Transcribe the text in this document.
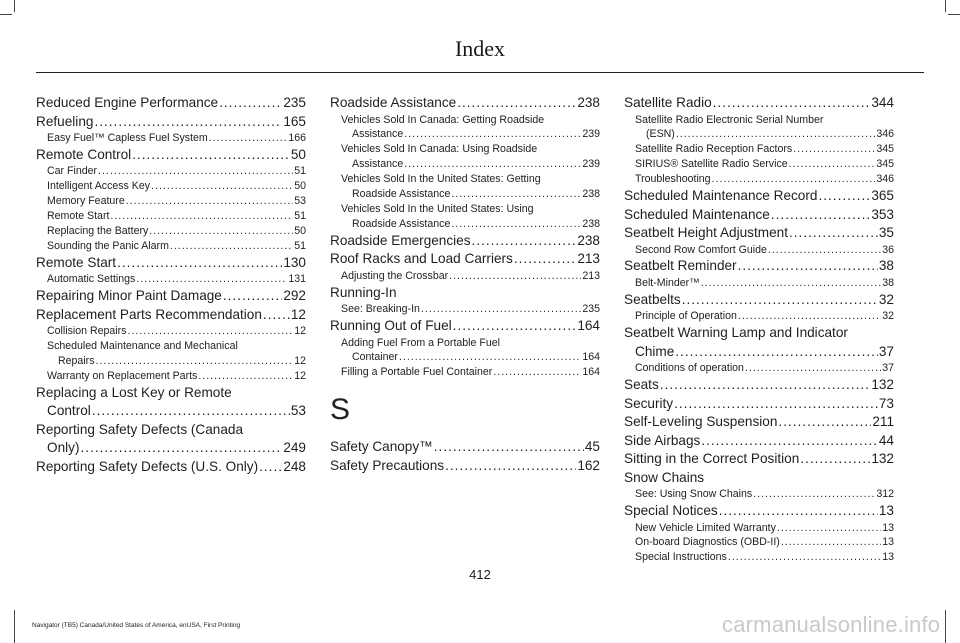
Index
Reduced Engine Performance .....	235
Refueling .....	165
Easy Fuel™ Capless Fuel System .....	166
Remote Control .....	50
Car Finder .....	51
Intelligent Access Key .....	50
Memory Feature .....	53
Remote Start .....	51
Replacing the Battery .....	50
Sounding the Panic Alarm .....	51
Remote Start .....	130
Automatic Settings .....	131
Repairing Minor Paint Damage .....	292
Replacement Parts Recommendation ..... 12
Collision Repairs .....	12
Scheduled Maintenance and Mechanical
Repairs .....	12
Warranty on Replacement Parts .....	12
Replacing a Lost Key or Remote
Control .....	53
Reporting Safety Defects (Canada
Only) .....	249
Reporting Safety Defects (U.S. Only) ..... 248
Roadside Assistance .....	238
Vehicles Sold In Canada: Getting Roadside
Assistance .....	239
Vehicles Sold In Canada: Using Roadside
Assistance .....	239
Vehicles Sold In the United States: Getting
Roadside Assistance .....	238
Vehicles Sold In the United States: Using
Roadside Assistance .....	238
Roadside Emergencies .....	238
Roof Racks and Load Carriers .....	213
Adjusting the Crossbar .....	213
Running-In
See: Breaking-In .....	235
Running Out of Fuel .....	164
Adding Fuel From a Portable Fuel
Container .....	164
Filling a Portable Fuel Container .....	164
S
Safety Canopy™ .....	45
Safety Precautions .....	162
Satellite Radio .....	344
Satellite Radio Electronic Serial Number
(ESN) .....	346
Satellite Radio Reception Factors .....	345
SIRIUS® Satellite Radio Service .....	345
Troubleshooting .....	346
Scheduled Maintenance Record .....	365
Scheduled Maintenance .....	353
Seatbelt Height Adjustment .....	35
Second Row Comfort Guide .....	36
Seatbelt Reminder .....	38
Belt-Minder™ .....	38
Seatbelts .....	32
Principle of Operation .....	32
Seatbelt Warning Lamp and Indicator
Chime .....	37
Conditions of operation .....	37
Seats .....	132
Security .....	73
Self-Leveling Suspension .....	211
Side Airbags .....	44
Sitting in the Correct Position .....	132
Snow Chains
See: Using Snow Chains .....	312
Special Notices .....	13
New Vehicle Limited Warranty .....	13
On-board Diagnostics (OBD-II) .....	13
Special Instructions .....	13
412
Navigator (TB5) Canada/United States of America, enUSA, First Printing	carmanualsonline.info
